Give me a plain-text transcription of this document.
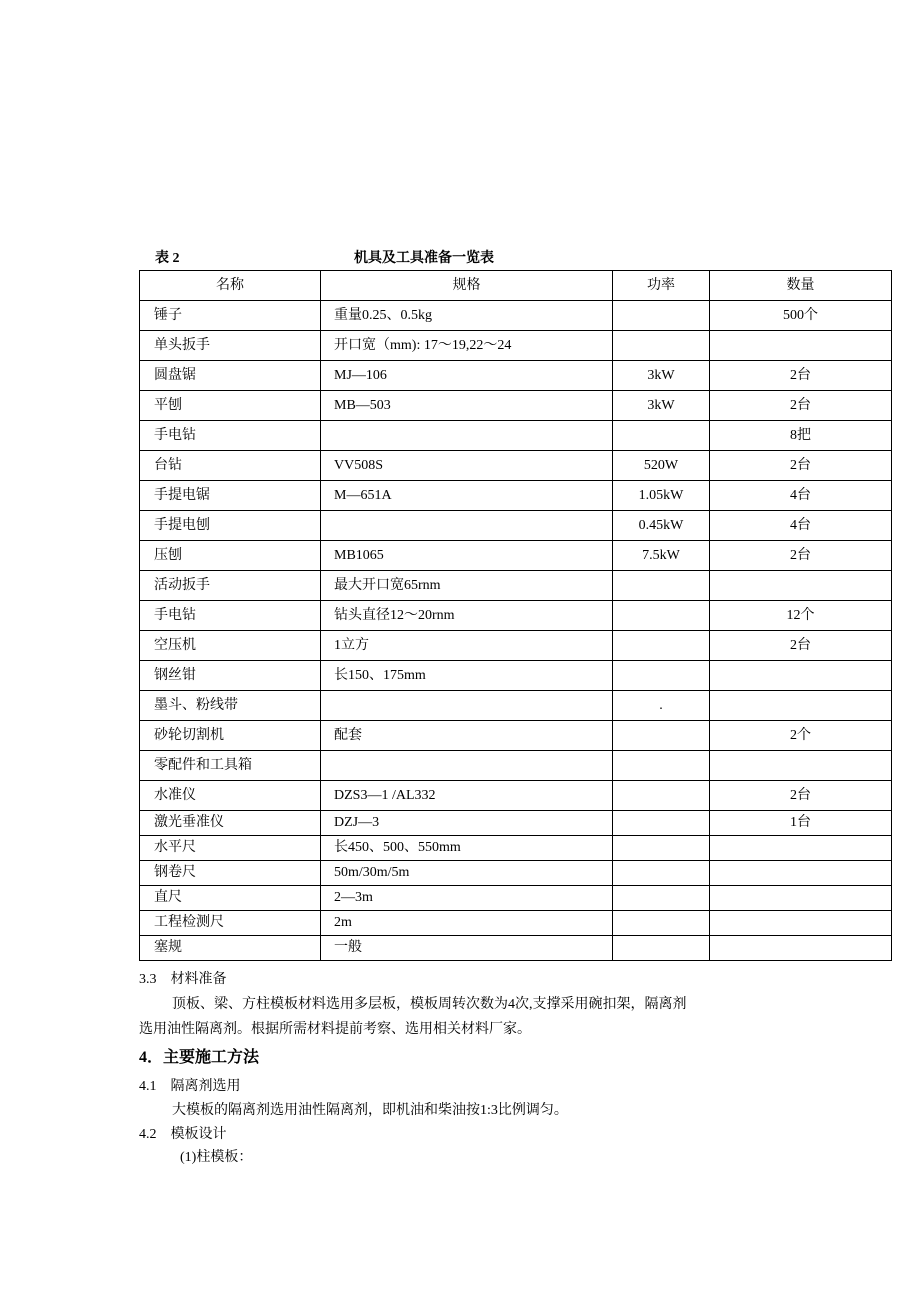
表 2	机具及工具准备一览表
名称	规格	功率	数量
锤子	重量0.25、0.5kg		500个
单头扳手	开口宽（mm): 17～19,22～24		
圆盘锯	MJ—106	3kW	2台
平刨	MB—503	3kW	2台
手电钻			8把
台钻	VV508S	520W	2台
手提电锯	M—651A	1.05kW	4台
手提电刨		0.45kW	4台
压刨	MB1065	7.5kW	2台
活动扳手	最大开口宽65rnm		
手电钻	钻头直径12～20rnm		12个
空压机	1立方		2台
钢丝钳	长150、175mm		
墨斗、粉线带		.	
砂轮切割机	配套		2个
零配件和工具箱			
水准仪	DZS3—1 /AL332		2台
激光垂准仪	DZJ—3		1台
水平尺	长450、500、550mm		
钢卷尺	50m/30m/5m		
直尺	2—3m		
工程检测尺	2m		
塞规	一般		
3.3　材料准备
顶板、梁、方柱模板材料选用多层板，模板周转次数为4次,支撑采用碗扣架，隔离剂
选用油性隔离剂。根据所需材料提前考察、选用相关材料厂家。
4．主要施工方法
4.1　隔离剂选用
大模板的隔离剂选用油性隔离剂，即机油和柴油按1:3比例调匀。
4.2　模板设计
(1)柱模板：
